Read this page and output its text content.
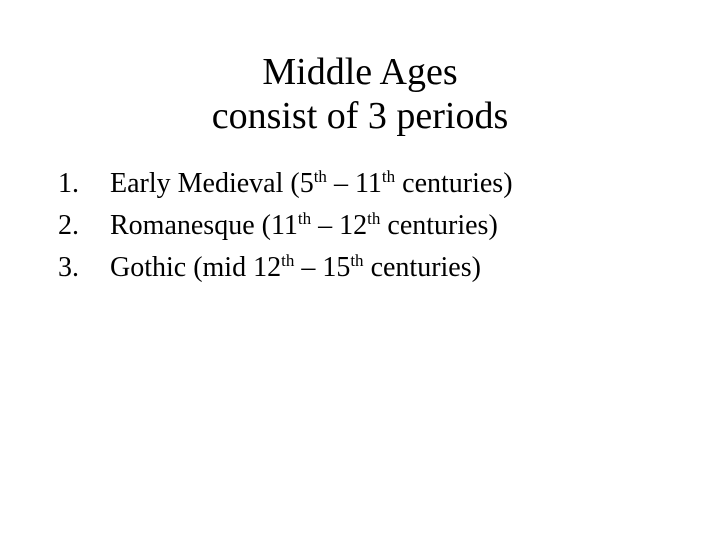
Middle Ages
consist of 3 periods
1. Early Medieval (5th – 11th centuries)
2. Romanesque (11th – 12th centuries)
3. Gothic (mid 12th – 15th centuries)
